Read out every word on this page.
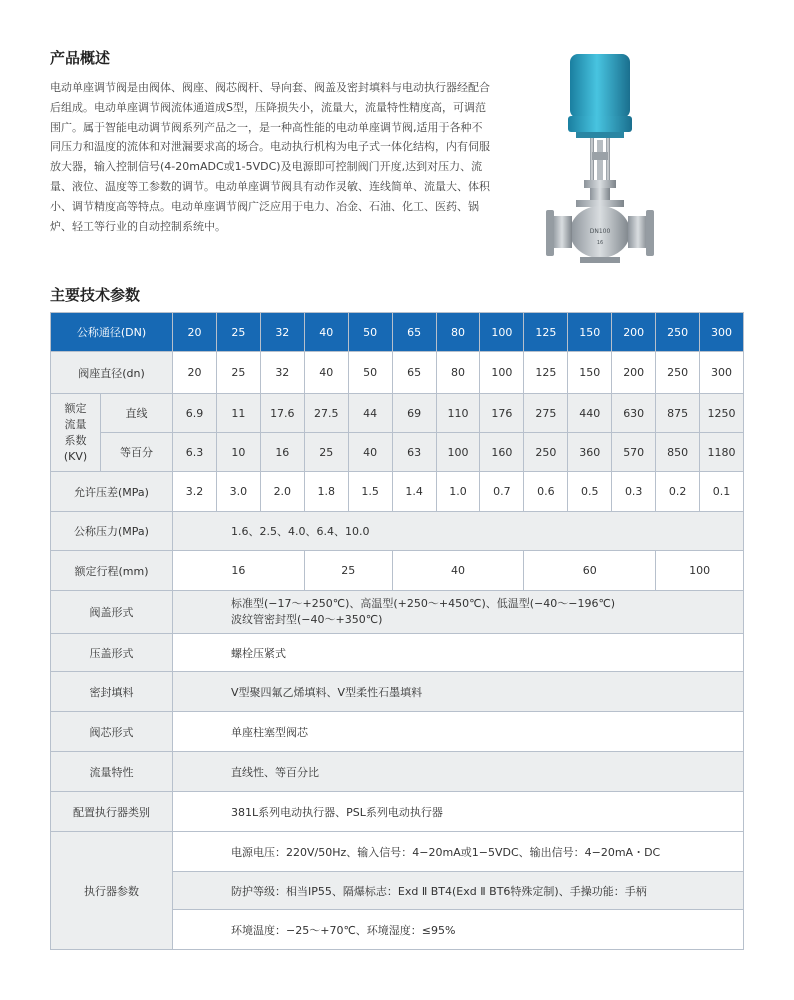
产品概述

电动单座调节阀是由阀体、阀座、阀芯阀杆、导向套、阀盖及密封填料与电动执行器经配合后组成。电动单座调节阀流体通道成S型，压降损失小，流量大，流量特性精度高，可调范围广。属于智能电动调节阀系列产品之一，是一种高性能的电动单座调节阀,适用于各种不同压力和温度的流体和对泄漏要求高的场合。电动执行机构为电子式一体化结构，内有伺服放大器，输入控制信号(4-20mADC或1-5VDC)及电源即可控制阀门开度,达到对压力、流量、液位、温度等工参数的调节。电动单座调节阀具有动作灵敏、连线简单、流量大、体积小、调节精度高等特点。电动单座调节阀广泛应用于电力、冶金、石油、化工、医药、锅炉、轻工等行业的自动控制系统中。	DN100
16
主要技术参数
公称通径(DN)		20	25	32	40	50	65	80	100	125	150	200	250	300
阀座直径(dn)		20	25	32	40	50	65	80	100	125	150	200	250	300

额定
流量
系数
(KV)	直线	6.9	11	17.6	27.5	44	69	110	176	275	440	630	875	1250
	等百分	6.3	10	16	25	40	63	100	160	250	360	570	850	1180
允许压差(MPa)		3.2	3.0	2.0	1.8	1.5	1.4	1.0	0.7	0.6	0.5	0.3	0.2	0.1
公称压力(MPa)		1.6、2.5、4.0、6.4、10.0												
额定行程(mm)		16			25		40			60			100	
阀盖形式		标准型(−17～+250℃)、高温型(+250～+450℃)、低温型(−40～−196℃)
波纹管密封型(−40～+350℃)												

压盖形式		螺栓压紧式												
密封填料		V型聚四氟乙烯填料、V型柔性石墨填料												
阀芯形式		单座柱塞型阀芯												
流量特性		直线性、等百分比												
配置执行器类别		381L系列电动执行器、PSL系列电动执行器												
执行器参数		电源电压：220V/50Hz、输入信号：4−20mA或1−5VDC、输出信号：4−20mA・DC												
		防护等级：相当IP55、隔爆标志：Exd Ⅱ BT4(Exd Ⅱ BT6特殊定制)、手操功能：手柄												
		环境温度：−25～+70℃、环境湿度：≤95%												
